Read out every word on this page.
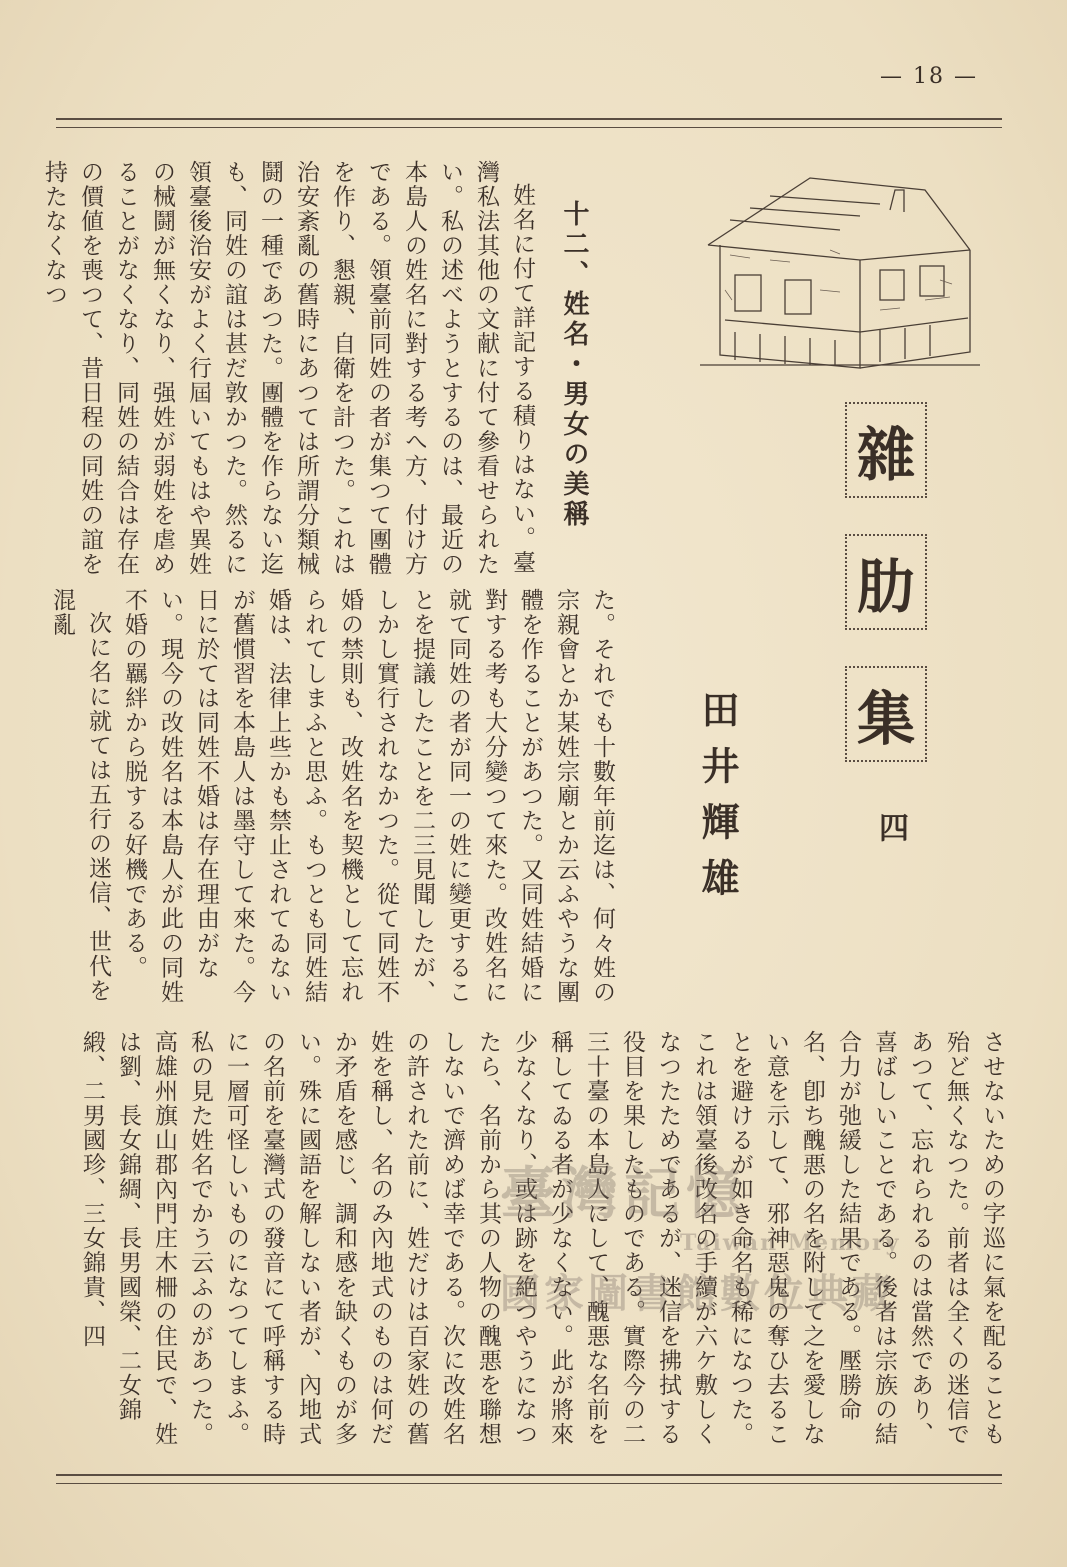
— 18 —
雜
肋
集
四
田井輝雄
十二、姓名・男女の美稱

姓名に付て詳記する積りはない。臺灣私法其他の文献に付て參看せられたい。私の述べようとするのは、最近の本島人の姓名に對する考へ方、付け方である。領臺前同姓の者が集つて團體を作り、懇親、自衛を計つた。これは治安紊亂の舊時にあつては所謂分類械鬪の一種であつた。團體を作らない迄も、同姓の誼は甚だ敦かつた。然るに領臺後治安がよく行屆いてもはや異姓の械鬪が無くなり、强姓が弱姓を虐めることがなくなり、同姓の結合は存在の價値を喪つて、昔日程の同姓の誼を持たなくなつ

た。それでも十數年前迄は、何々姓の宗親會とか某姓宗廟とか云ふやうな團體を作ることがあつた。又同姓結婚に對する考も大分變つて來た。改姓名に就て同姓の者が同一の姓に變更することを提議したことを二三見聞したが、しかし實行されなかつた。從て同姓不婚の禁則も、改姓名を契機として忘れられてしまふと思ふ。もつとも同姓結婚は、法律上些かも禁止されてゐないが舊慣習を本島人は墨守して來た。今日に於ては同姓不婚は存在理由がない。現今の改姓名は本島人が此の同姓不婚の羈絆から脱する好機である。

次に名に就ては五行の迷信、世代を混亂

させないための字巡に氣を配ることも殆ど無くなつた。前者は全くの迷信であつて、忘れられるのは當然であり、喜ばしいことである。後者は宗族の結合力が弛緩した結果である。壓勝命名、卽ち醜悪の名を附して之を愛しない意を示して、邪神惡鬼の奪ひ去ることを避けるが如き命名も稀になつた。これは領臺後改名の手續が六ケ敷しくなつたためであるが、迷信を拂拭する役目を果したものである。實際今の二三十臺の本島人にして、醜悪な名前を稱してゐる者が少なくない。此が將來少なくなり、或は跡を絶つやうになつたら、名前から其の人物の醜悪を聯想しないで濟めば幸である。次に改姓名の許された前に、姓だけは百家姓の舊姓を稱し、名のみ內地式のものは何だか矛盾を感じ、調和感を缺くものが多い。殊に國語を解しない者が、內地式の名前を臺灣式の發音にて呼稱する時に一層可怪しいものになつてしまふ。私の見た姓名でかう云ふのがあつた。高雄州旗山郡內門庄木柵の住民で、姓は劉、長女錦綢、長男國榮、二女錦緞、二男國珍、三女錦貴、四	臺灣記憶
Taiwan Memory
國家圖書館數位典藏
